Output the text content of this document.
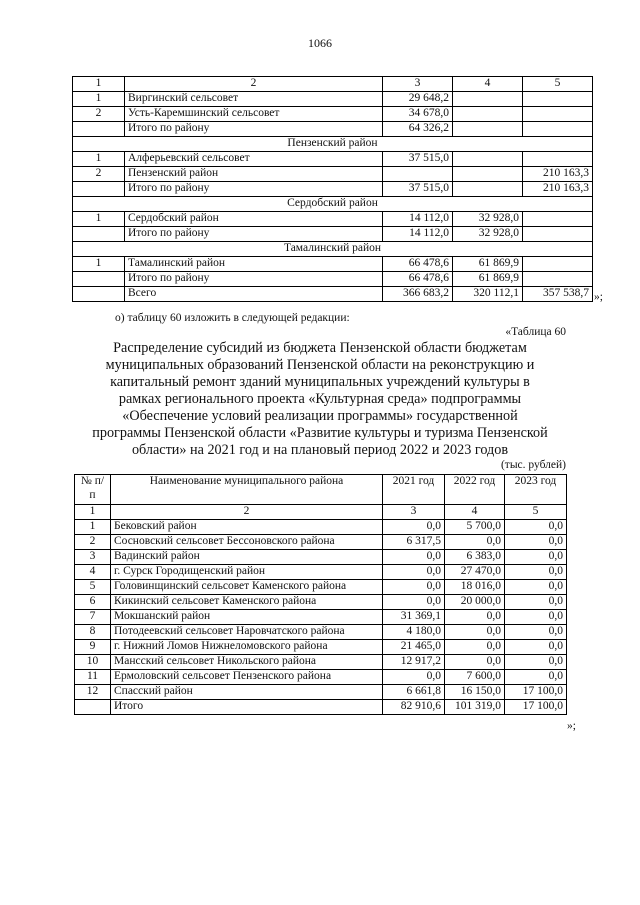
1066
1	2	3	4	5
1	Виргинский сельсовет	29 648,2		
2	Усть-Каремшинский сельсовет	34 678,0		
	Итого по району	64 326,2		
Пензенский район				
1	Алферьевский сельсовет	37 515,0		
2	Пензенский район			210 163,3
	Итого по району	37 515,0		210 163,3
Сердобский район				
1	Сердобский район	14 112,0	32 928,0	
	Итого по району	14 112,0	32 928,0	
Тамалинский район				
1	Тамалинский район	66 478,6	61 869,9	
	Итого по району	66 478,6	61 869,9	
	Всего	366 683,2	320 112,1	357 538,7 »;
о) таблицу 60 изложить в следующей редакции:
«Таблица 60
Распределение субсидий из бюджета Пензенской области бюджетам
муниципальных образований Пензенской области на реконструкцию и
капитальный ремонт зданий муниципальных учреждений культуры в
рамках регионального проекта «Культурная среда» подпрограммы
«Обеспечение условий реализации программы» государственной
программы Пензенской области «Развитие культуры и туризма Пензенской
области» на 2021 год и на плановый период 2022 и 2023 годов
(тыс. рублей)
№ п/п	Наименование муниципального района	2021 год	2022 год	2023 год
1	2	3	4	5
1	Бековский район	0,0	5 700,0	0,0
2	Сосновский сельсовет Бессоновского района	6 317,5	0,0	0,0
3	Вадинский район	0,0	6 383,0	0,0
4	г. Сурск Городищенский район	0,0	27 470,0	0,0
5	Головинщинский сельсовет Каменского района	0,0	18 016,0	0,0
6	Кикинский сельсовет Каменского района	0,0	20 000,0	0,0
7	Мокшанский район	31 369,1	0,0	0,0
8	Потодеевский сельсовет Наровчатского района	4 180,0	0,0	0,0
9	г. Нижний Ломов Нижнеломовского района	21 465,0	0,0	0,0
10	Мансский сельсовет Никольского района	12 917,2	0,0	0,0
11	Ермоловский сельсовет Пензенского района	0,0	7 600,0	0,0
12	Спасский район	6 661,8	16 150,0	17 100,0
	Итого	82 910,6	101 319,0	17 100,0
»;
